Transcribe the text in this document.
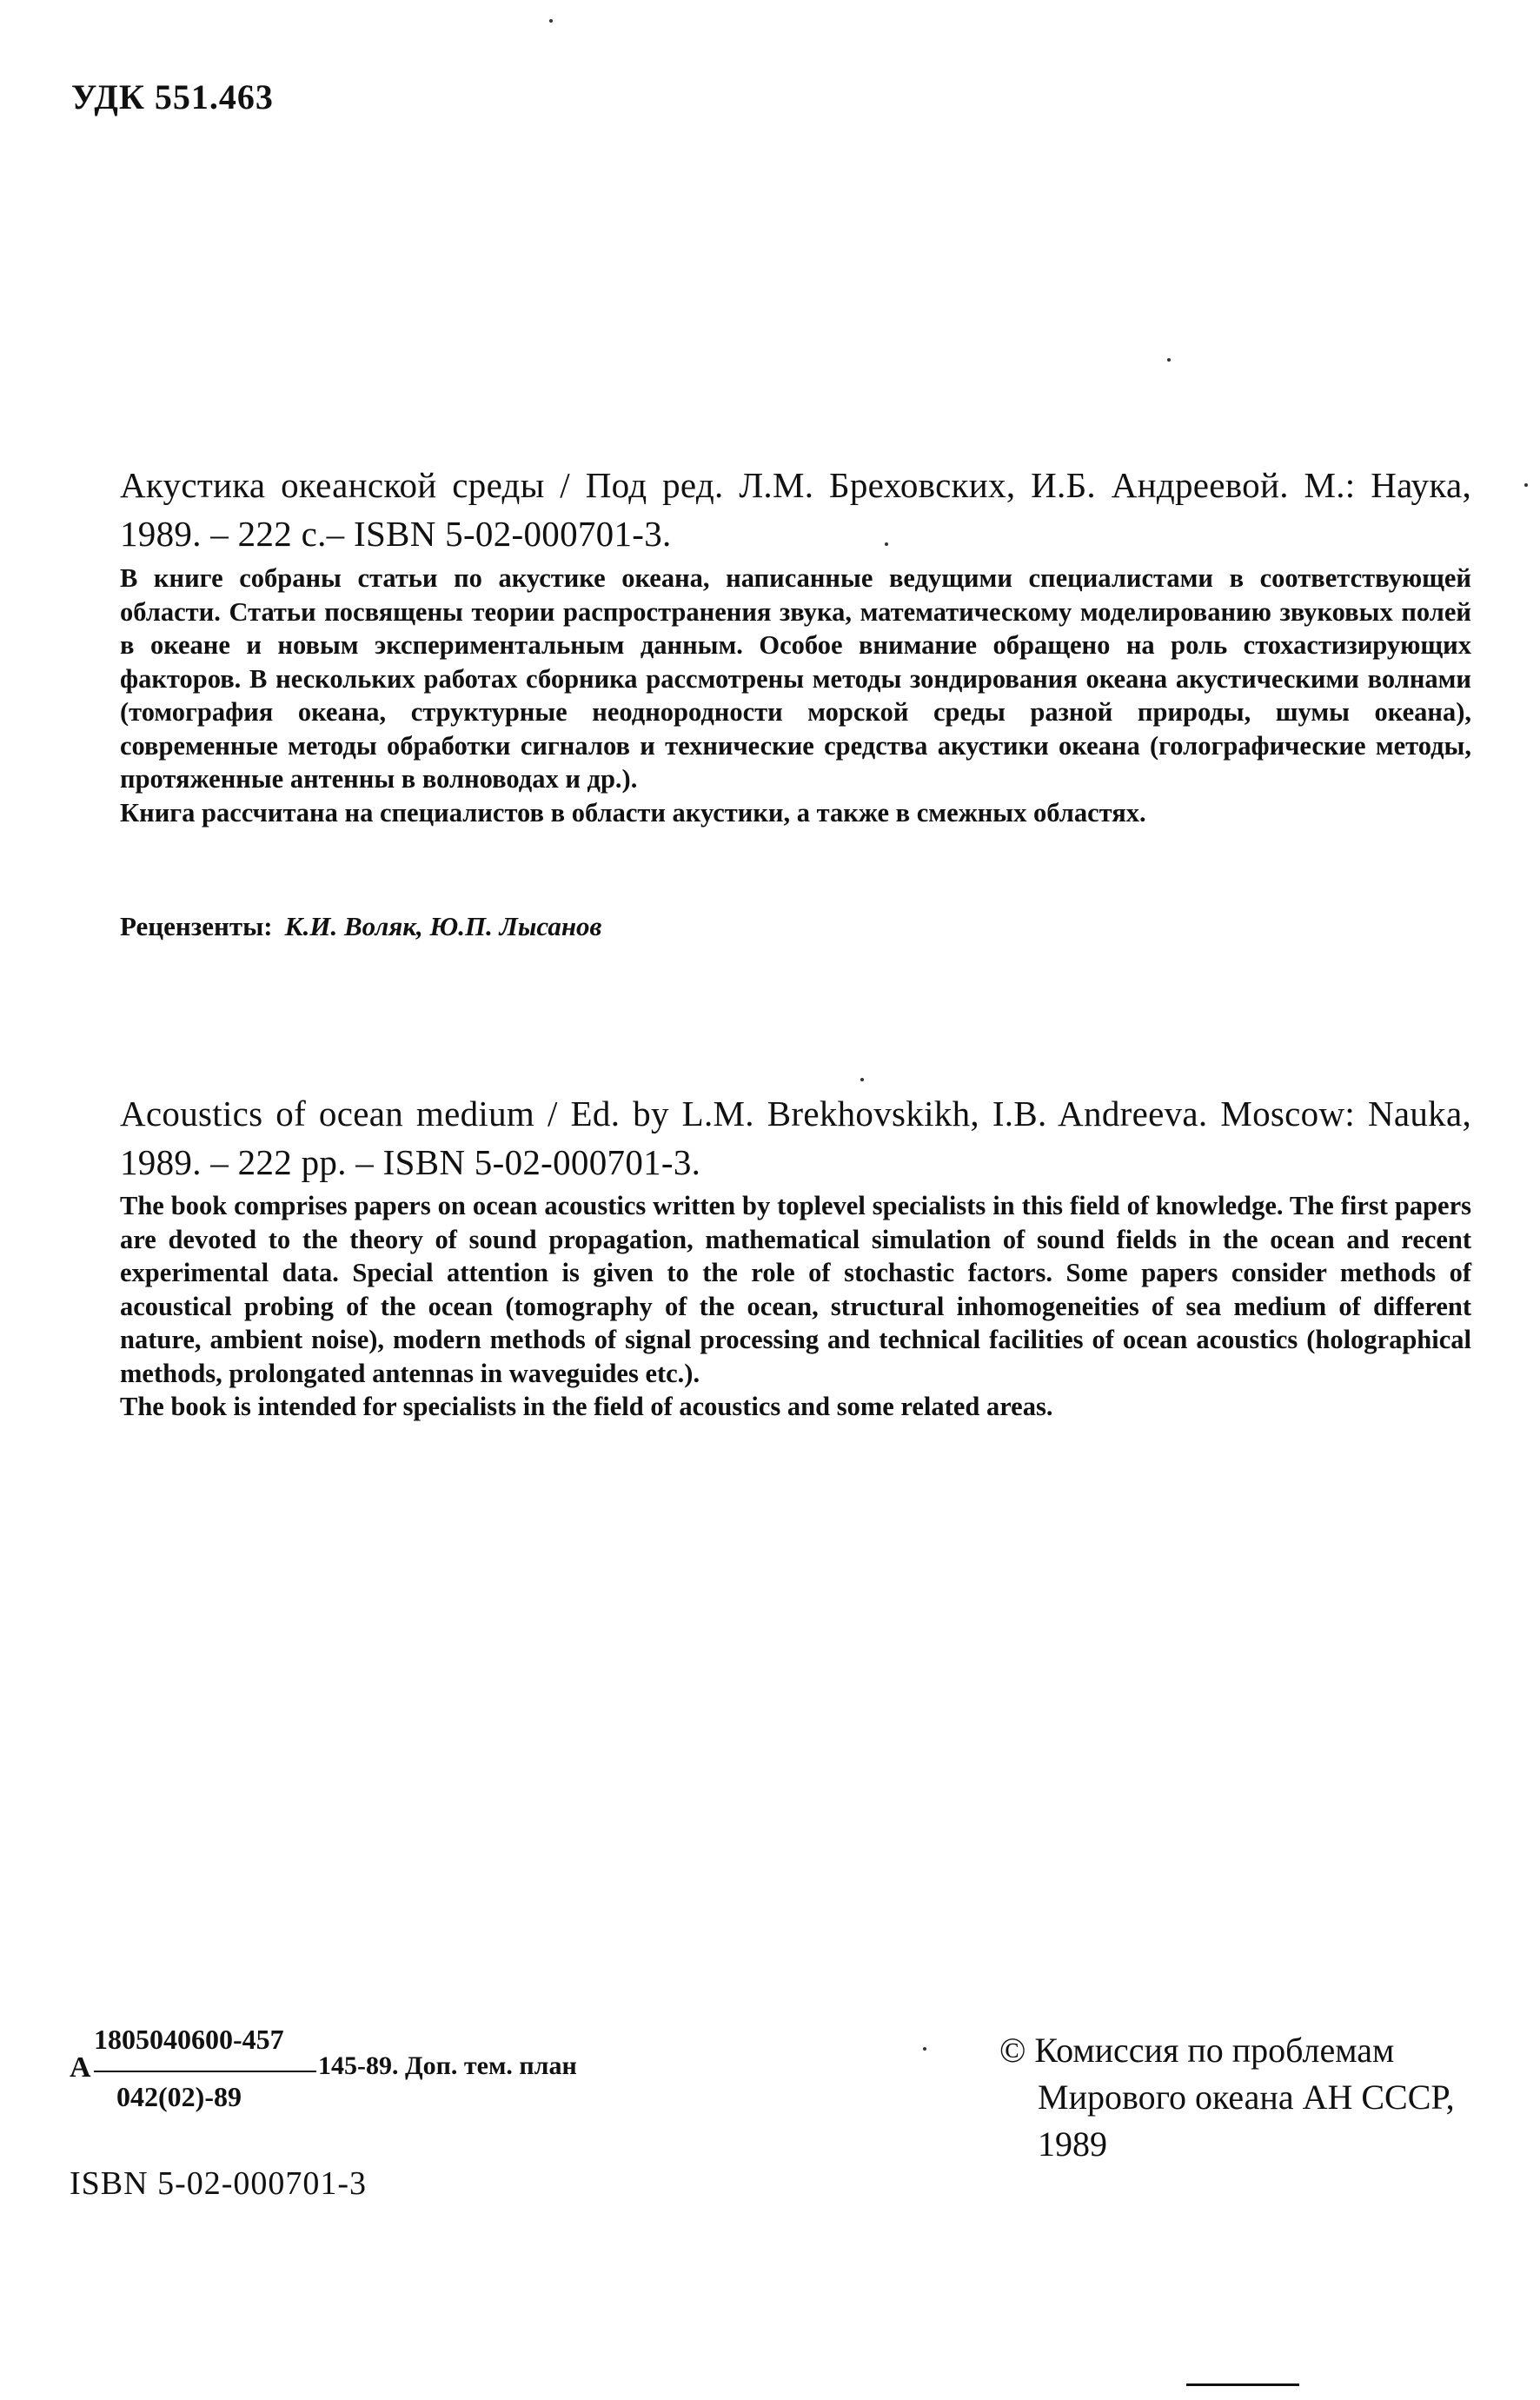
УДК 551.463
Акустика океанской среды / Под ред. Л.М. Бреховских, И.Б. Андреевой. М.: Наука, 1989. – 222 с.– ISBN 5-02-000701-3.

В книге собраны статьи по акустике океана, написанные ведущими специалистами в соответствующей области. Статьи посвящены теории распространения звука, математическому моделированию звуковых полей в океане и новым экспериментальным данным. Особое внимание обращено на роль стохастизирующих факторов. В нескольких работах сборника рассмотрены методы зондирования океана акустическими волнами (томография океана, структурные неоднородности морской среды разной природы, шумы океана), современные методы обработки сигналов и технические средства акустики океана (голографические методы, протяженные антенны в волноводах и др.).

Книга рассчитана на специалистов в области акустики, а также в смежных областях.

Рецензенты: К.И. Воляк, Ю.П. Лысанов
Acoustics of ocean medium / Ed. by L.M. Brekhovskikh, I.B. Andreeva. Moscow: Nauka, 1989. – 222 pp. – ISBN 5-02-000701-3.

The book comprises papers on ocean acoustics written by toplevel specialists in this field of knowledge. The first papers are devoted to the theory of sound propagation, mathematical simulation of sound fields in the ocean and recent experimental data. Special attention is given to the role of stochastic factors. Some papers consider methods of acoustical probing of the ocean (tomography of the ocean, structural inhomogeneities of sea medium of different nature, ambient noise), modern methods of signal processing and technical facilities of ocean acoustics (holographical methods, prolongated antennas in waveguides etc.).

The book is intended for specialists in the field of acoustics and some related areas.

А
1805040600-457
042(02)-89
145-89. Доп. тем. план
ISBN 5-02-000701-3
© Комиссия по проблемам
Мирового океана АН СССР,
1989
